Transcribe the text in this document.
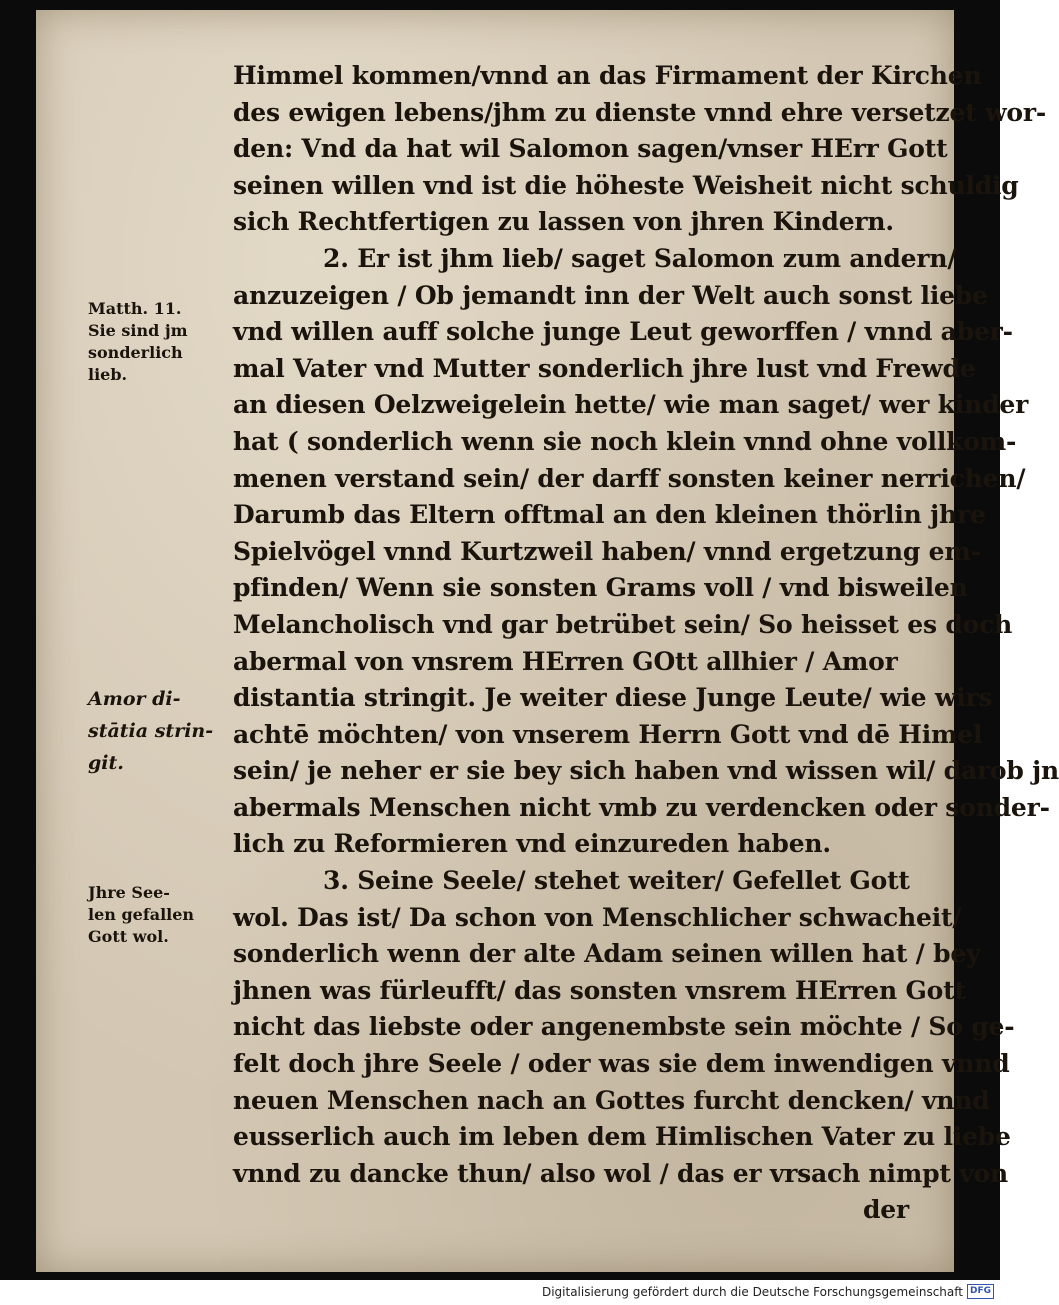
Himmel kommen/vnnd an das Firmament der Kirchen
des ewigen lebens/jhm zu dienste vnnd ehre versetzet wor-
den: Vnd da hat wil Salomon sagen/vnser HErr Gott
seinen willen vnd ist die höheste Weisheit nicht schuldig
sich Rechtfertigen zu lassen von jhren Kindern.
2. Er ist jhm lieb/ saget Salomon zum andern/
anzuzeigen / Ob jemandt inn der Welt auch sonst liebe
vnd willen auff solche junge Leut geworffen / vnnd aber-
mal Vater vnd Mutter sonderlich jhre lust vnd Frewde
an diesen Oelzweigelein hette/ wie man saget/ wer kinder
hat ( sonderlich wenn sie noch klein vnnd ohne vollkom-
menen verstand sein/ der darff sonsten keiner nerrichen/
Darumb das Eltern offtmal an den kleinen thörlin jhre
Spielvögel vnnd Kurtzweil haben/ vnnd ergetzung em-
pfinden/ Wenn sie sonsten Grams voll / vnd bisweilen
Melancholisch vnd gar betrübet sein/ So heisset es doch
abermal von vnsrem HErren GOtt allhier / Amor
distantia stringit. Je weiter diese Junge Leute/ wie wirs
achtē möchten/ von vnserem Herrn Gott vnd dē Himel
sein/ je neher er sie bey sich haben vnd wissen wil/ darob jn
abermals Menschen nicht vmb zu verdencken oder sonder-
lich zu Reformieren vnd einzureden haben.
3. Seine Seele/ stehet weiter/ Gefellet Gott
wol. Das ist/ Da schon von Menschlicher schwacheit/
sonderlich wenn der alte Adam seinen willen hat / bey
jhnen was fürleufft/ das sonsten vnsrem HErren Gott
nicht das liebste oder angenembste sein möchte / So ge-
felt doch jhre Seele / oder was sie dem inwendigen vnnd
neuen Menschen nach an Gottes furcht dencken/ vnnd
eusserlich auch im leben dem Himlischen Vater zu liebe
vnnd zu dancke thun/ also wol / das er vrsach nimpt von
der
Matth. 11.
Sie sind jm
sonderlich
lieb.
Amor di-
stātia strin-
git.
Jhre See-
len gefallen
Gott wol.
Digitalisierung gefördert durch die Deutsche Forschungsgemeinschaft DFG
